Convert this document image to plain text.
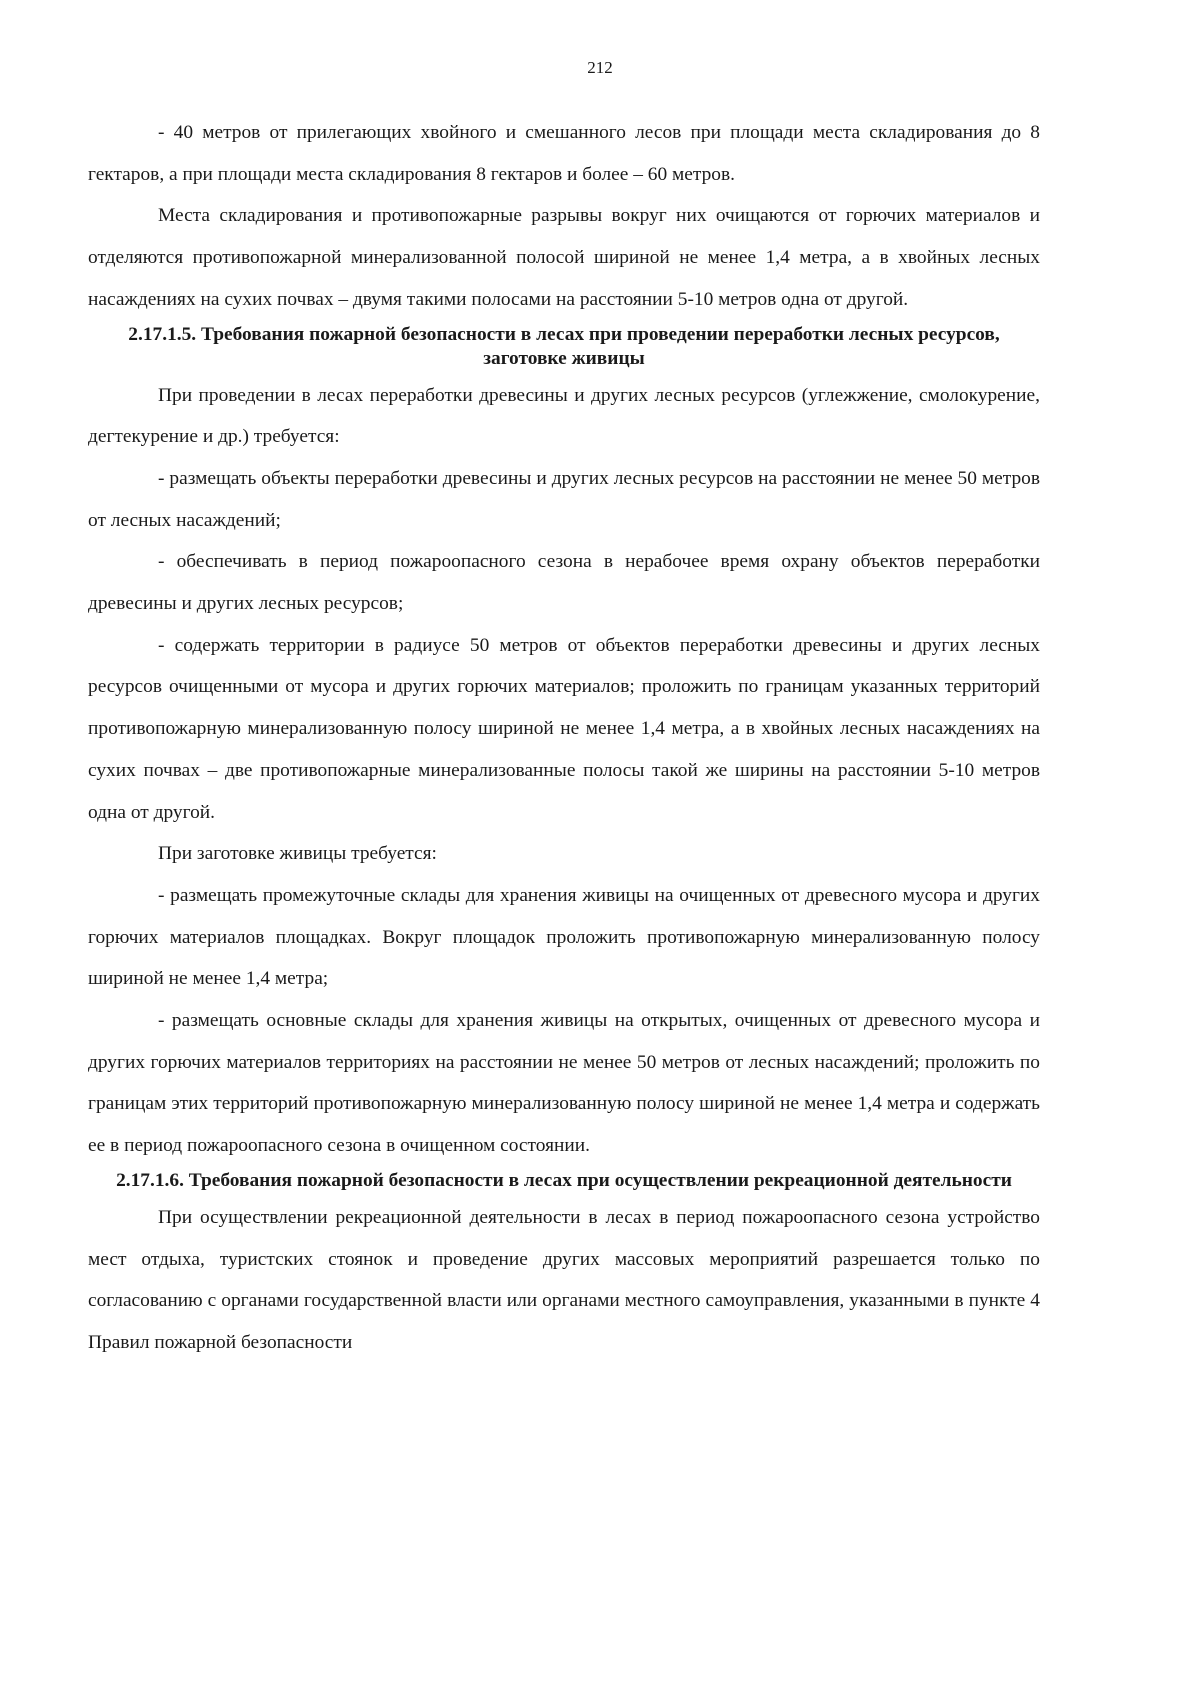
212

- 40 метров от прилегающих хвойного и смешанного лесов при площади места складирования до 8 гектаров, а при площади места складирования 8 гектаров и более – 60 метров.

Места складирования и противопожарные разрывы вокруг них очищаются от горючих материалов и отделяются противопожарной минерализованной полосой шириной не менее 1,4 метра, а в хвойных лесных насаждениях на сухих почвах – двумя такими полосами на расстоянии 5-10 метров одна от другой.

2.17.1.5. Требования пожарной безопасности в лесах при проведении переработки лесных ресурсов, заготовке живицы

При проведении в лесах переработки древесины и других лесных ресурсов (углежжение, смолокурение, дегтекурение и др.) требуется:

- размещать объекты переработки древесины и других лесных ресурсов на расстоянии не менее 50 метров от лесных насаждений;

- обеспечивать в период пожароопасного сезона в нерабочее время охрану объектов переработки древесины и других лесных ресурсов;

- содержать территории в радиусе 50 метров от объектов переработки древесины и других лесных ресурсов очищенными от мусора и других горючих материалов; проложить по границам указанных территорий противопожарную минерализованную полосу шириной не менее 1,4 метра, а в хвойных лесных насаждениях на сухих почвах – две противопожарные минерализованные полосы такой же ширины на расстоянии 5-10 метров одна от другой.

При заготовке живицы требуется:

- размещать промежуточные склады для хранения живицы на очищенных от древесного мусора и других горючих материалов площадках. Вокруг площадок проложить противопожарную минерализованную полосу шириной не менее 1,4 метра;

- размещать основные склады для хранения живицы на открытых, очищенных от древесного мусора и других горючих материалов территориях на расстоянии не менее 50 метров от лесных насаждений; проложить по границам этих территорий противопожарную минерализованную полосу шириной не менее 1,4 метра и содержать ее в период пожароопасного сезона в очищенном состоянии.

2.17.1.6. Требования пожарной безопасности в лесах при осуществлении рекреационной деятельности

При осуществлении рекреационной деятельности в лесах в период пожароопасного сезона устройство мест отдыха, туристских стоянок и проведение других массовых мероприятий разрешается только по согласованию с органами государственной власти или органами местного самоуправления, указанными в пункте 4 Правил пожарной безопасности
